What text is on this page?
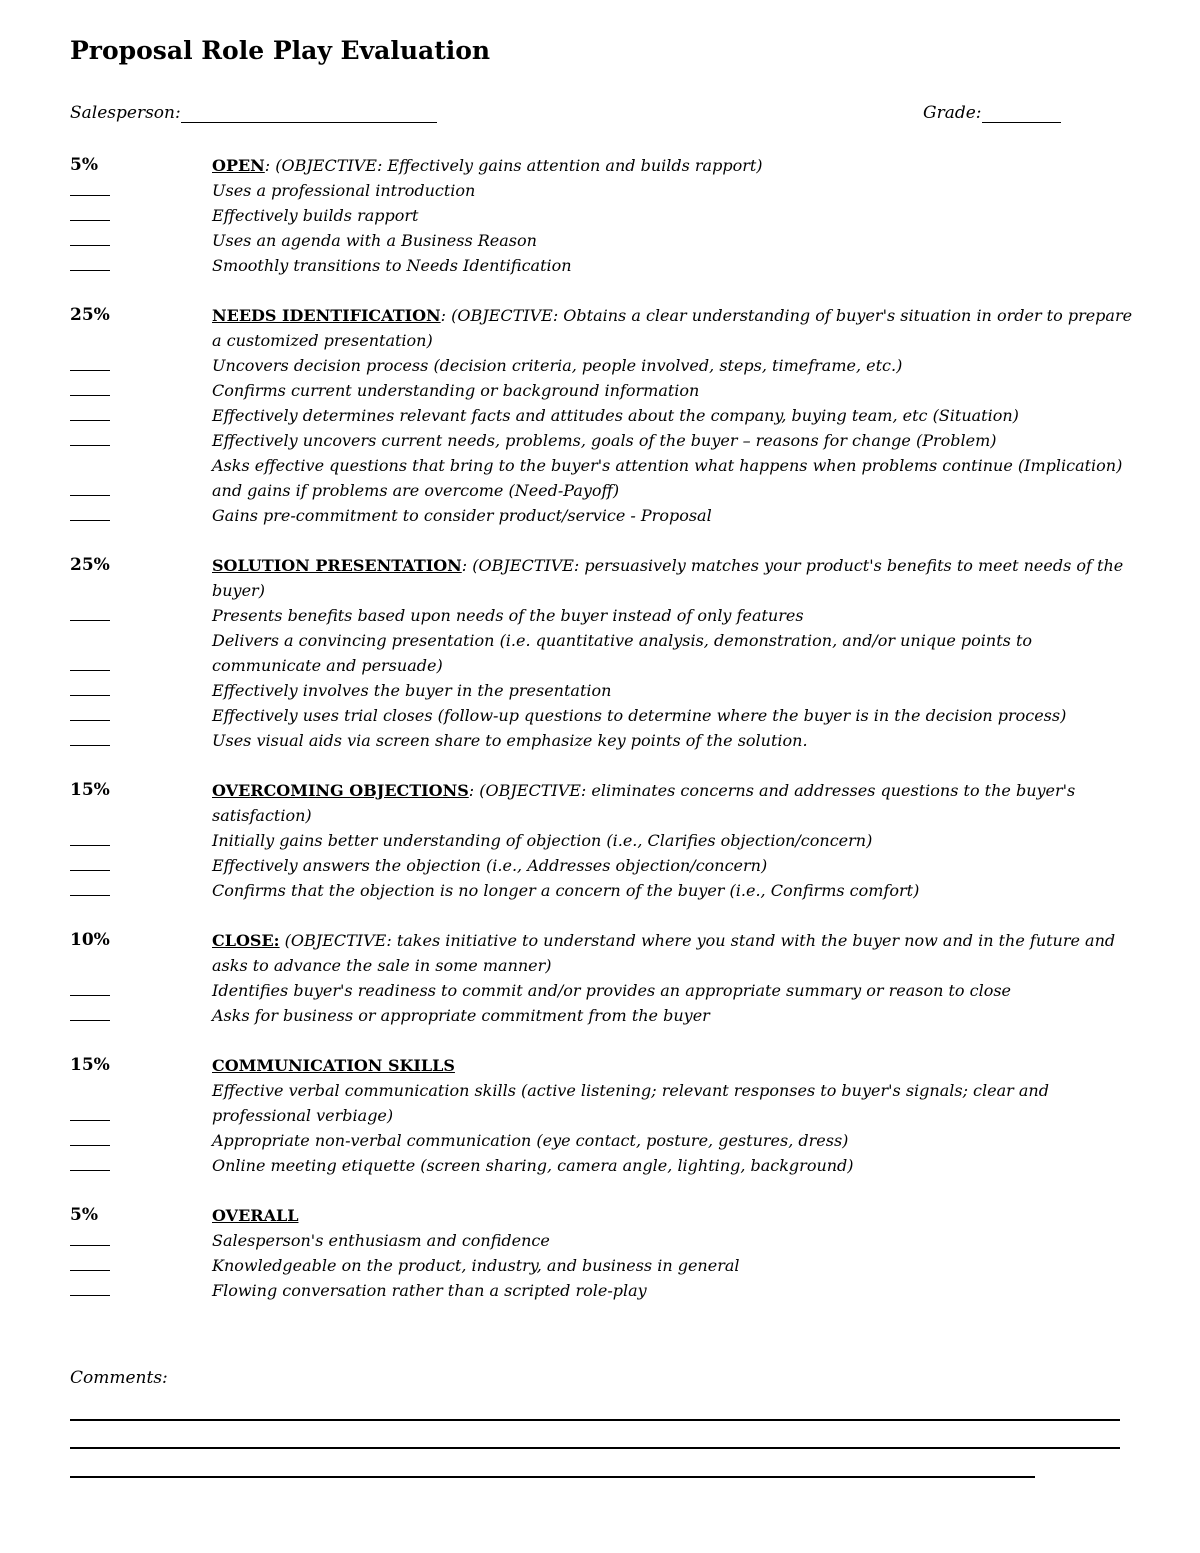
Proposal Role Play Evaluation
Salesperson:	Grade:
5%	OPEN: (OBJECTIVE: Effectively gains attention and builds rapport)
Uses a professional introduction
Effectively builds rapport
Uses an agenda with a Business Reason
Smoothly transitions to Needs Identification
25%	NEEDS IDENTIFICATION: (OBJECTIVE: Obtains a clear understanding of buyer's situation in order to prepare a customized presentation)
Uncovers decision process (decision criteria, people involved, steps, timeframe, etc.)
Confirms current understanding or background information
Effectively determines relevant facts and attitudes about the company, buying team, etc (Situation)
Effectively uncovers current needs, problems, goals of the buyer – reasons for change (Problem)
Asks effective questions that bring to the buyer's attention what happens when problems continue (Implication) and gains if problems are overcome (Need-Payoff)
Gains pre-commitment to consider product/service - Proposal
25%	SOLUTION PRESENTATION: (OBJECTIVE: persuasively matches your product's benefits to meet needs of the buyer)
Presents benefits based upon needs of the buyer instead of only features
Delivers a convincing presentation (i.e. quantitative analysis, demonstration, and/or unique points to communicate and persuade)
Effectively involves the buyer in the presentation
Effectively uses trial closes (follow-up questions to determine where the buyer is in the decision process)
Uses visual aids via screen share to emphasize key points of the solution.
15%	OVERCOMING OBJECTIONS: (OBJECTIVE: eliminates concerns and addresses questions to the buyer's satisfaction)
Initially gains better understanding of objection (i.e., Clarifies objection/concern)
Effectively answers the objection (i.e., Addresses objection/concern)
Confirms that the objection is no longer a concern of the buyer (i.e., Confirms comfort)
10%	CLOSE: (OBJECTIVE: takes initiative to understand where you stand with the buyer now and in the future and asks to advance the sale in some manner)
Identifies buyer's readiness to commit and/or provides an appropriate summary or reason to close
Asks for business or appropriate commitment from the buyer
15%	COMMUNICATION SKILLS
Effective verbal communication skills (active listening; relevant responses to buyer's signals; clear and professional verbiage)
Appropriate non-verbal communication (eye contact, posture, gestures, dress)
Online meeting etiquette (screen sharing, camera angle, lighting, background)
5%	OVERALL
Salesperson's enthusiasm and confidence
Knowledgeable on the product, industry, and business in general
Flowing conversation rather than a scripted role-play
Comments:
